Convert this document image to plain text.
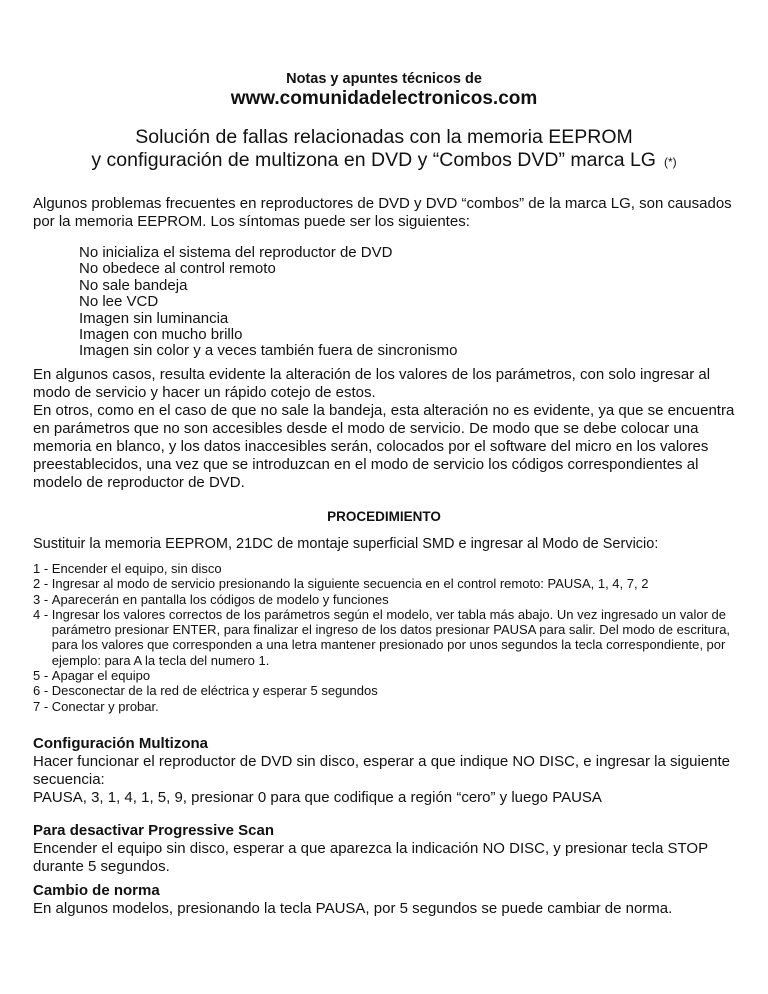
Notas y apuntes técnicos de
www.comunidadelectronicos.com
Solución de fallas relacionadas con la memoria EEPROM
y configuración de multizona en DVD y “Combos DVD” marca LG (*)
Algunos problemas frecuentes en reproductores de DVD y DVD “combos” de la marca LG, son causados por la memoria EEPROM. Los síntomas puede ser los siguientes:
No inicializa el sistema del reproductor de DVD
No obedece al control remoto
No sale bandeja
No lee VCD
Imagen sin luminancia
Imagen con mucho brillo
Imagen sin color y a veces también fuera de sincronismo
En algunos casos, resulta evidente la alteración de los valores de los parámetros, con solo ingresar al modo de servicio y hacer un rápido cotejo de estos.
En otros, como en el caso de que no sale la bandeja, esta alteración no es evidente, ya que se encuentra en parámetros que no son accesibles desde el modo de servicio. De modo que se debe colocar una memoria en blanco, y los datos inaccesibles serán, colocados por el software del micro en los valores preestablecidos, una vez que se introduzcan en el modo de servicio los códigos correspondientes al modelo de reproductor de DVD.
PROCEDIMIENTO
Sustituir la memoria EEPROM, 21DC de montaje superficial SMD e ingresar al Modo de Servicio:
1 - Encender el equipo, sin disco
2 - Ingresar al modo de servicio presionando la siguiente secuencia en el control remoto: PAUSA, 1, 4, 7, 2
3 - Aparecerán en pantalla los códigos de modelo y funciones
4 - Ingresar los valores correctos de los parámetros según el modelo, ver tabla más abajo. Un vez ingresado un valor de parámetro presionar ENTER, para finalizar el ingreso de los datos presionar PAUSA para salir. Del modo de escritura, para los valores que corresponden a una letra mantener presionado por unos segundos la tecla correspondiente, por ejemplo: para A la tecla del numero 1.
5 - Apagar el equipo
6 - Desconectar de la red de eléctrica y esperar 5 segundos
7 - Conectar y probar.
Configuración Multizona
Hacer funcionar el reproductor de DVD sin disco, esperar a que indique NO DISC, e ingresar la siguiente secuencia:
PAUSA, 3, 1, 4, 1, 5, 9, presionar 0 para que codifique a región “cero” y luego PAUSA
Para desactivar Progressive Scan
Encender el equipo sin disco, esperar a que aparezca la indicación NO DISC, y presionar tecla STOP durante 5 segundos.
Cambio de norma
En algunos modelos, presionando la tecla PAUSA, por 5 segundos se puede cambiar de norma.
